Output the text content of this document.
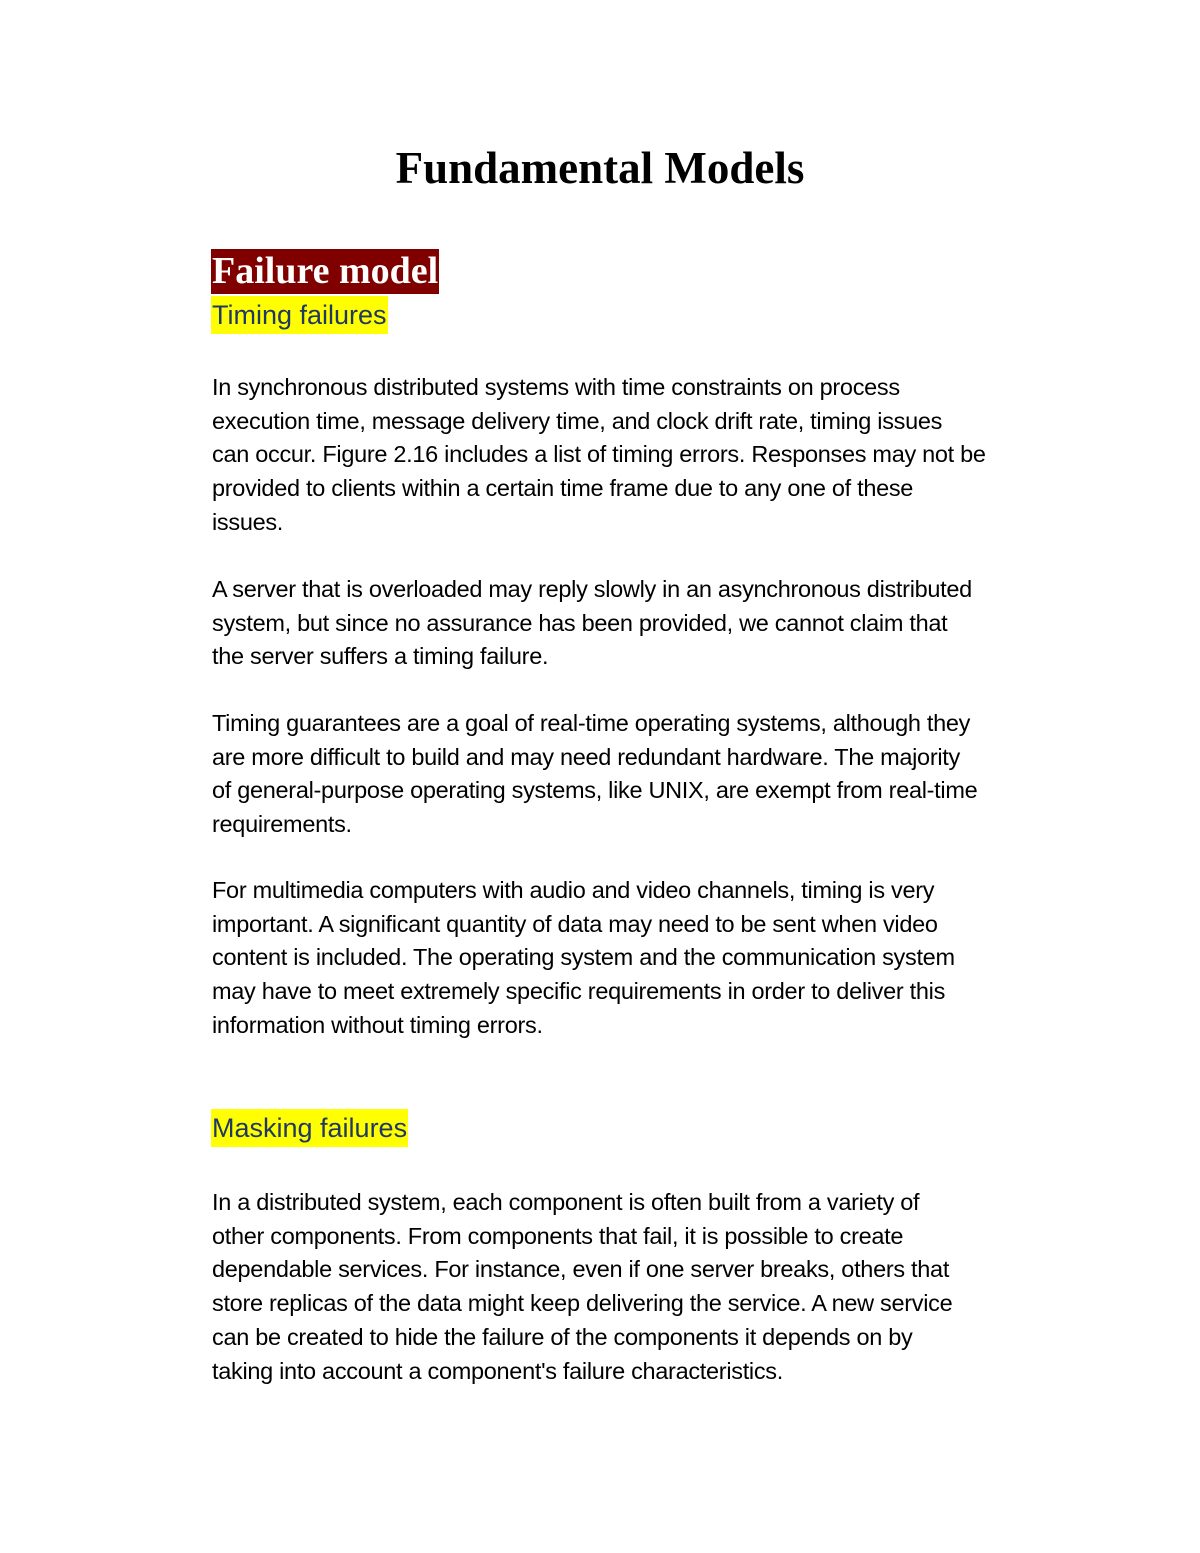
Fundamental Models
Failure model
Timing failures
In synchronous distributed systems with time constraints on process
execution time, message delivery time, and clock drift rate, timing issues
can occur. Figure 2.16 includes a list of timing errors. Responses may not be
provided to clients within a certain time frame due to any one of these
issues.
A server that is overloaded may reply slowly in an asynchronous distributed
system, but since no assurance has been provided, we cannot claim that
the server suffers a timing failure.
Timing guarantees are a goal of real-time operating systems, although they
are more difficult to build and may need redundant hardware. The majority
of general-purpose operating systems, like UNIX, are exempt from real-time
requirements.
For multimedia computers with audio and video channels, timing is very
important. A significant quantity of data may need to be sent when video
content is included. The operating system and the communication system
may have to meet extremely specific requirements in order to deliver this
information without timing errors.
Masking failures
In a distributed system, each component is often built from a variety of
other components. From components that fail, it is possible to create
dependable services. For instance, even if one server breaks, others that
store replicas of the data might keep delivering the service. A new service
can be created to hide the failure of the components it depends on by
taking into account a component's failure characteristics.
